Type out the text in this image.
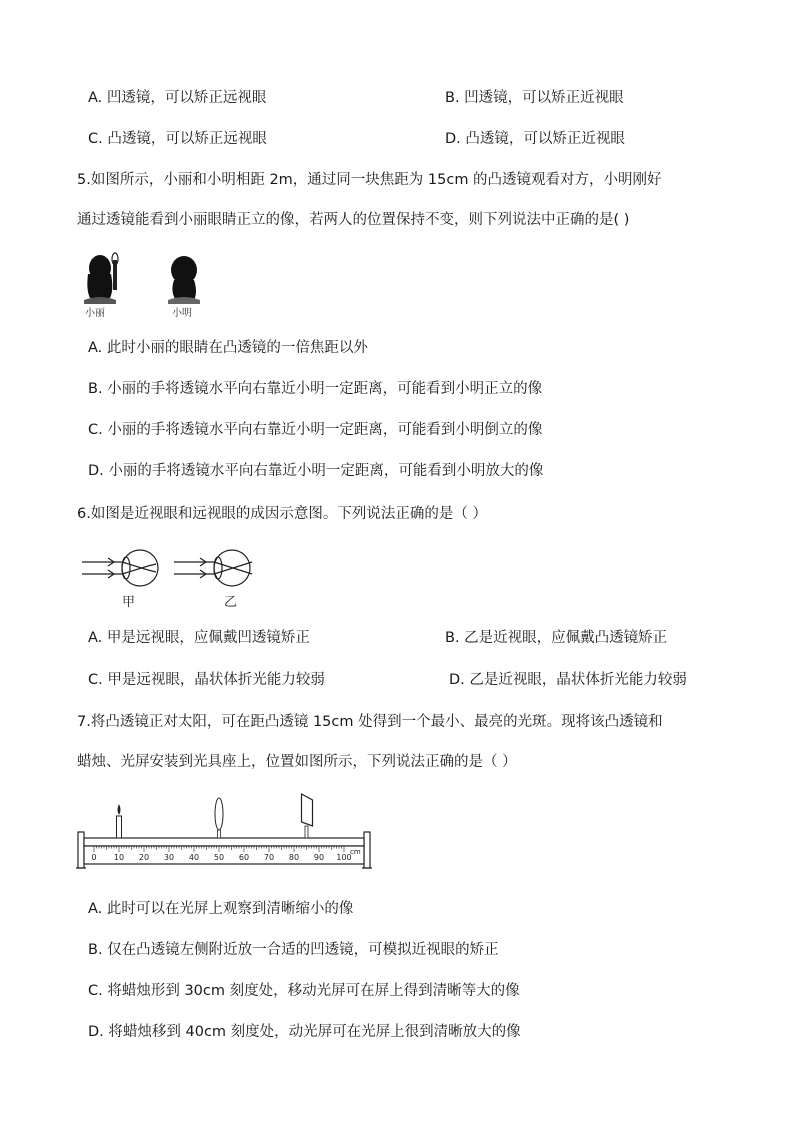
A. 凹透镜，可以矫正远视眼	B. 凹透镜，可以矫正近视眼
C. 凸透镜，可以矫正远视眼	D. 凸透镜，可以矫正近视眼
5.如图所示，小丽和小明相距 2m，通过同一块焦距为 15cm 的凸透镜观看对方，小明刚好
通过透镜能看到小丽眼睛正立的像，若两人的位置保持不变，则下列说法中正确的是( )
小丽	小明
A. 此时小丽的眼睛在凸透镜的一倍焦距以外
B. 小丽的手将透镜水平向右靠近小明一定距离，可能看到小明正立的像
C. 小丽的手将透镜水平向右靠近小明一定距离，可能看到小明倒立的像
D. 小丽的手将透镜水平向右靠近小明一定距离，可能看到小明放大的像
6.如图是近视眼和远视眼的成因示意图。下列说法正确的是（ ）
甲	乙
A. 甲是远视眼，应佩戴凹透镜矫正	B. 乙是近视眼，应佩戴凸透镜矫正
C. 甲是远视眼，晶状体折光能力较弱	D. 乙是近视眼，晶状体折光能力较弱
7.将凸透镜正对太阳，可在距凸透镜 15cm 处得到一个最小、最亮的光斑。现将该凸透镜和
蜡烛、光屏安装到光具座上，位置如图所示，下列说法正确的是（ ）
0 10 20 30 40 50 60 70 80 90 100
cm
A. 此时可以在光屏上观察到清晰缩小的像
B. 仅在凸透镜左侧附近放一合适的凹透镜，可模拟近视眼的矫正
C. 将蜡烛形到 30cm 刻度处，移动光屏可在屏上得到清晰等大的像
D. 将蜡烛移到 40cm 刻度处，动光屏可在光屏上很到清晰放大的像
